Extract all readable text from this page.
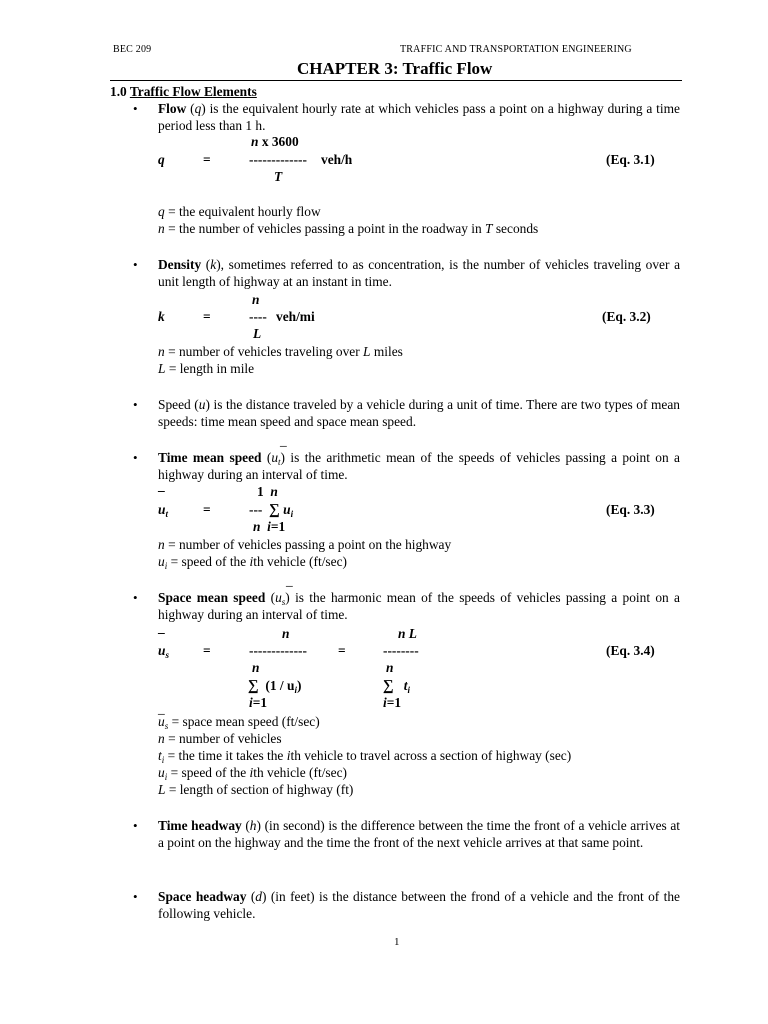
BEC 209	TRAFFIC AND TRANSPORTATION ENGINEERING
CHAPTER 3: Traffic Flow
1.0 Traffic Flow Elements
• Flow (q) is the equivalent hourly rate at which vehicles pass a point on a highway during a time period less than 1 h.
n x 3600
q	=	------------- veh/h	(Eq. 3.1)
T
q = the equivalent hourly flow
n = the number of vehicles passing a point in the roadway in T seconds
• Density (k), sometimes referred to as concentration, is the number of vehicles traveling over a unit length of highway at an instant in time.
n
k	=	---- veh/mi	(Eq. 3.2)
L
n = number of vehicles traveling over L miles
L = length in mile
• Speed (u) is the distance traveled by a vehicle during a unit of time. There are two types of mean speeds: time mean speed and space mean speed.
_
• Time mean speed $(u_t)$ is the arithmetic mean of the speeds of vehicles passing a point on a highway during an interval of time.
_	1 n
$u_t$	=	--- ∑ $u_i$	(Eq. 3.3)
n i=1
n = number of vehicles passing a point on the highway
$u_i$ = speed of the ith vehicle (ft/sec)
_
• Space mean speed $(u_s)$ is the harmonic mean of the speeds of vehicles passing a point on a highway during an interval of time.
_	n	n L
$u_s$	=	------------- =	--------	(Eq. 3.4)
n	n
∑ $(1 / u_i)$	∑ $t_i$
i=1	i=1
_
$u_s$ = space mean speed (ft/sec)
n = number of vehicles
$t_i$ = the time it takes the ith vehicle to travel across a section of highway (sec)
$u_i$ = speed of the ith vehicle (ft/sec)
L = length of section of highway (ft)
• Time headway (h) (in second) is the difference between the time the front of a vehicle arrives at a point on the highway and the time the front of the next vehicle arrives at that same point.
• Space headway (d) (in feet) is the distance between the frond of a vehicle and the front of the following vehicle.
1
